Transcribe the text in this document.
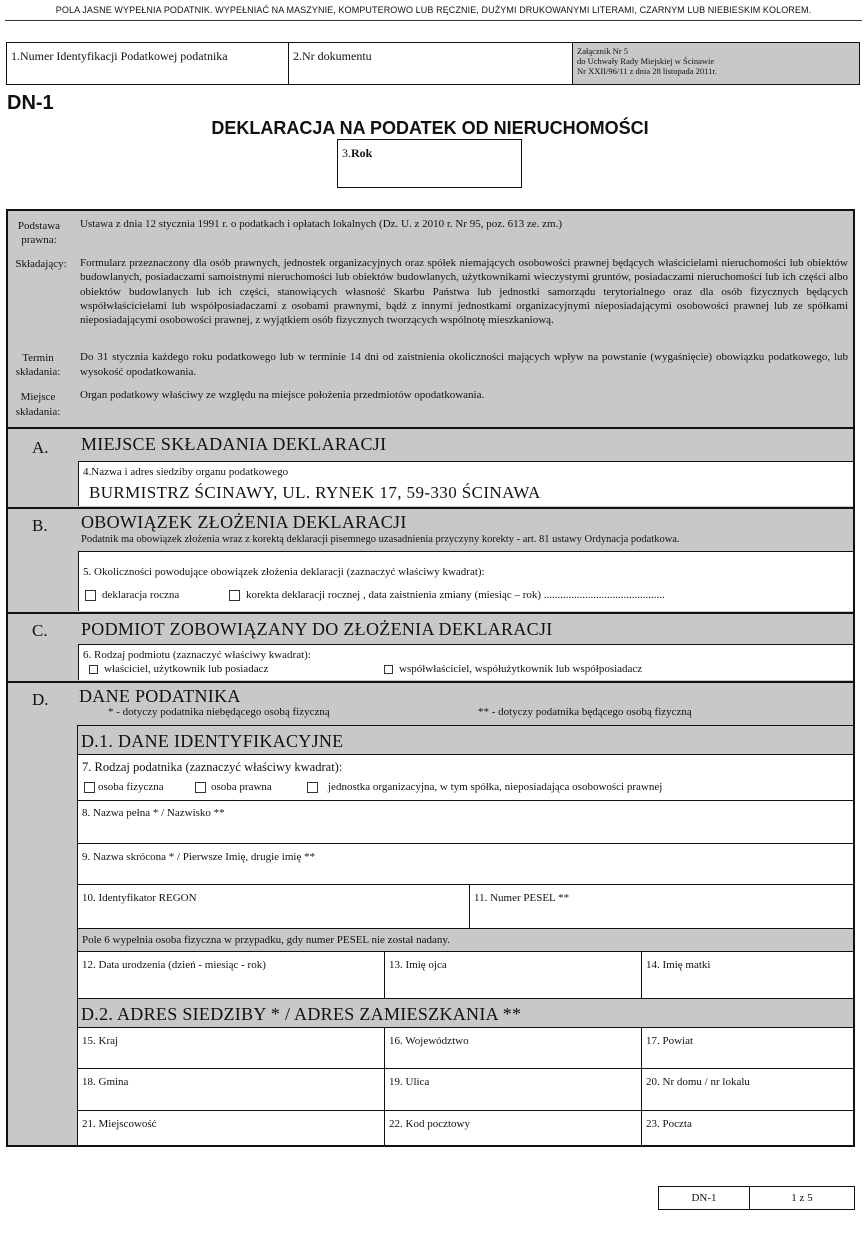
POLA JASNE WYPEŁNIA PODATNIK. WYPEŁNIAĆ NA MASZYNIE, KOMPUTEROWO LUB RĘCZNIE, DUŻYMI DRUKOWANYMI LITERAMI, CZARNYM LUB NIEBIESKIM KOLOREM.
1.Numer Identyfikacji Podatkowej podatnika	2.Nr dokumentu	Załącznik Nr 5
do Uchwały Rady Miejskiej w Ścinawie
Nr XXII/96/11 z dnia 28 listopada 2011r.
DN-1
DEKLARACJA NA PODATEK OD NIERUCHOMOŚCI
3.Rok
Podstawa prawna:
Ustawa z dnia 12 stycznia 1991 r. o podatkach i opłatach lokalnych (Dz. U. z 2010 r. Nr 95, poz. 613 ze. zm.)
Składający:	Formularz przeznaczony dla osób prawnych, jednostek organizacyjnych oraz spółek niemających osobowości prawnej będących właścicielami nieruchomości lub obiektów budowlanych, posiadaczami samoistnymi nieruchomości lub obiektów budowlanych, użytkownikami wieczystymi gruntów, posiadaczami nieruchomości lub ich części albo obiektów budowlanych lub ich części, stanowiących własność Skarbu Państwa lub jednostki samorządu terytorialnego oraz dla osób fizycznych będących współwłaścicielami lub współposiadaczami z osobami prawnymi, bądź z innymi jednostkami organizacyjnymi nieposiadającymi osobowości prawnej lub ze spółkami nieposiadającymi osobowości prawnej, z wyjątkiem osób fizycznych tworzących wspólnotę mieszkaniową.
Termin składania:
Do 31 stycznia każdego roku podatkowego lub w terminie 14 dni od zaistnienia okoliczności mających wpływ na powstanie (wygaśnięcie) obowiązku podatkowego, lub wysokość opodatkowania.
Miejsce składania:
Organ podatkowy właściwy ze względu na miejsce położenia przedmiotów opodatkowania.
A. MIEJSCE SKŁADANIA DEKLARACJI
4.Nazwa i adres siedziby organu podatkowego
BURMISTRZ ŚCINAWY, UL. RYNEK 17, 59-330 ŚCINAWA
B. OBOWIĄZEK ZŁOŻENIA DEKLARACJI
Podatnik ma obowiązek złożenia wraz z korektą deklaracji pisemnego uzasadnienia przyczyny korekty - art. 81 ustawy Ordynacja podatkowa.
5. Okoliczności powodujące obowiązek złożenia deklaracji (zaznaczyć właściwy kwadrat):
deklaracja roczna	korekta deklaracji rocznej , data zaistnienia zmiany (miesiąc – rok) ............................................
C. PODMIOT ZOBOWIĄZANY DO ZŁOŻENIA DEKLARACJI
6. Rodzaj podmiotu (zaznaczyć właściwy kwadrat):
właściciel, użytkownik lub posiadacz	współwłaściciel, współużytkownik lub współposiadacz
D. DANE PODATNIKA
* - dotyczy podatnika niebędącego osobą fizyczną	** - dotyczy podatnika będącego osobą fizyczną
D.1. DANE IDENTYFIKACYJNE
7. Rodzaj podatnika (zaznaczyć właściwy kwadrat):
osoba fizyczna	osoba prawna	jednostka organizacyjna, w tym spółka, nieposiadająca osobowości prawnej
8. Nazwa pełna * / Nazwisko **
9. Nazwa skrócona * / Pierwsze Imię, drugie imię **
10. Identyfikator REGON	11. Numer PESEL **
Pole 6 wypełnia osoba fizyczna w przypadku, gdy numer PESEL nie został nadany.
12. Data urodzenia (dzień - miesiąc - rok)	13. Imię ojca	14. Imię matki
D.2. ADRES SIEDZIBY * / ADRES ZAMIESZKANIA **
15. Kraj	16. Województwo	17. Powiat
18. Gmina	19. Ulica	20. Nr domu / nr lokalu
21. Miejscowość	22. Kod pocztowy	23. Poczta
DN-1	1 z 5
